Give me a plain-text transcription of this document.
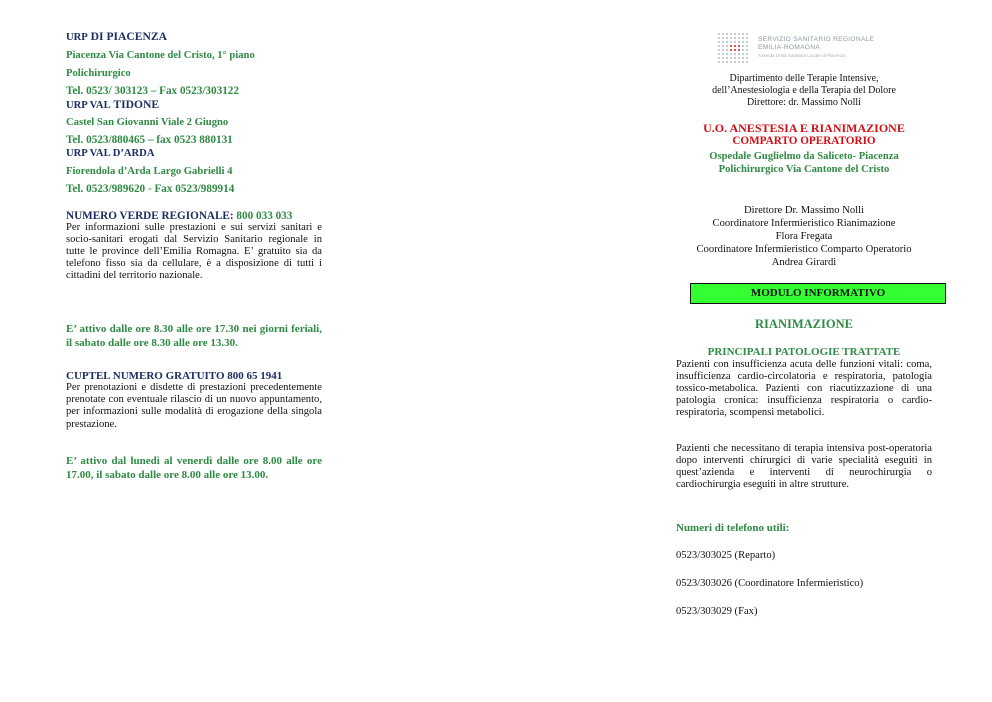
URP DI PIACENZA
Piacenza Via Cantone del Cristo, 1° piano
Polichirurgico
Tel. 0523/ 303123 – Fax 0523/303122
URP VAL TIDONE
Castel San Giovanni Viale 2 Giugno
Tel. 0523/880465 – fax 0523 880131
URP VAL D’ARDA
Fiorendola d’Arda Largo Gabrielli 4
Tel. 0523/989620 - Fax 0523/989914
NUMERO VERDE REGIONALE: 800 033 033
Per informazioni sulle prestazioni e sui servizi sanitari e socio-sanitari erogati dal Servizio Sanitario regionale in tutte le province dell’Emilia Romagna. E’ gratuito sia da telefono fisso sia da cellulare, è a disposizione di tutti i cittadini del territorio nazionale.
E’ attivo dalle ore 8.30 alle ore 17.30 nei giorni feriali, il sabato dalle ore 8.30 alle ore 13.30.
CUPTEL NUMERO GRATUITO 800 65 1941
Per prenotazioni e disdette di prestazioni precedentemente prenotate con eventuale rilascio di un nuovo appuntamento, per informazioni sulle modalità di erogazione della singola prestazione.
E’ attivo dal lunedì al venerdì dalle ore 8.00 alle ore 17.00, il sabato dalle ore 8.00 alle ore 13.00.
SERVIZIO SANITARIO REGIONALE
EMILIA-ROMAGNA
Azienda Unità Sanitaria Locale di Piacenza
Dipartimento delle Terapie Intensive,
dell’Anestesiologia e della Terapia del Dolore
Direttore: dr. Massimo Nolli
U.O. ANESTESIA E RIANIMAZIONE
COMPARTO OPERATORIO
Ospedale Guglielmo da Saliceto- Piacenza
Polichirurgico Via Cantone del Cristo
Direttore Dr. Massimo Nolli
Coordinatore Infermieristico Rianimazione
Flora Fregata
Coordinatore Infermieristico Comparto Operatorio
Andrea Girardi
MODULO INFORMATIVO
RIANIMAZIONE
PRINCIPALI PATOLOGIE TRATTATE
Pazienti con insufficienza acuta delle funzioni vitali: coma, insufficienza cardio-circolatoria e respiratoria, patologia tossico-metabolica. Pazienti con riacutizzazione di una patologia cronica: insufficienza respiratoria o cardio-respiratoria, scompensi metabolici.
Pazienti che necessitano di terapia intensiva post-operatoria dopo interventi chirurgici di varie specialità eseguiti in quest’azienda e interventi di neurochirurgia o cardiochirurgia eseguiti in altre strutture.
Numeri di telefono utili:
0523/303025 (Reparto)
0523/303026 (Coordinatore Infermieristico)
0523/303029 (Fax)
